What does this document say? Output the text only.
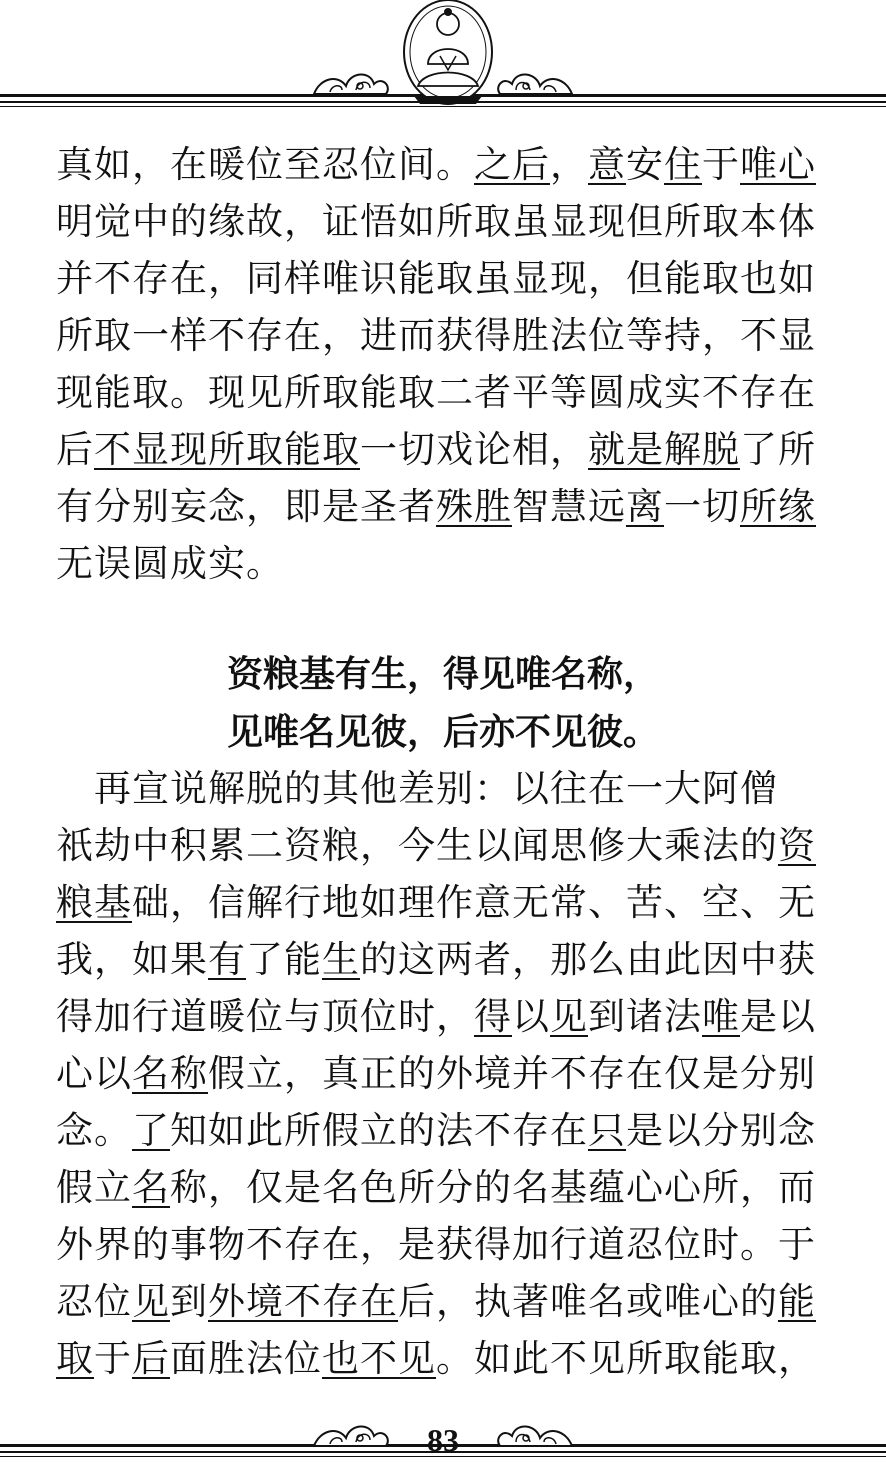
真如，在暖位至忍位间。之后，意安住于唯心
明觉中的缘故，证悟如所取虽显现但所取本体
并不存在，同样唯识能取虽显现，但能取也如
所取一样不存在，进而获得胜法位等持，不显
现能取。现见所取能取二者平等圆成实不存在
后不显现所取能取一切戏论相，就是解脱了所
有分别妄念，即是圣者殊胜智慧远离一切所缘
无误圆成实。
资粮基有生，得见唯名称，
见唯名见彼，后亦不见彼。
　再宣说解脱的其他差别：以往在一大阿僧
祇劫中积累二资粮，今生以闻思修大乘法的资
粮基础，信解行地如理作意无常、苦、空、无
我，如果有了能生的这两者，那么由此因中获
得加行道暖位与顶位时，得以见到诸法唯是以
心以名称假立，真正的外境并不存在仅是分别
念。了知如此所假立的法不存在只是以分别念
假立名称，仅是名色所分的名基蕴心心所，而
外界的事物不存在，是获得加行道忍位时。于
忍位见到外境不存在后，执著唯名或唯心的能
取于后面胜法位也不见。如此不见所取能取，
83
